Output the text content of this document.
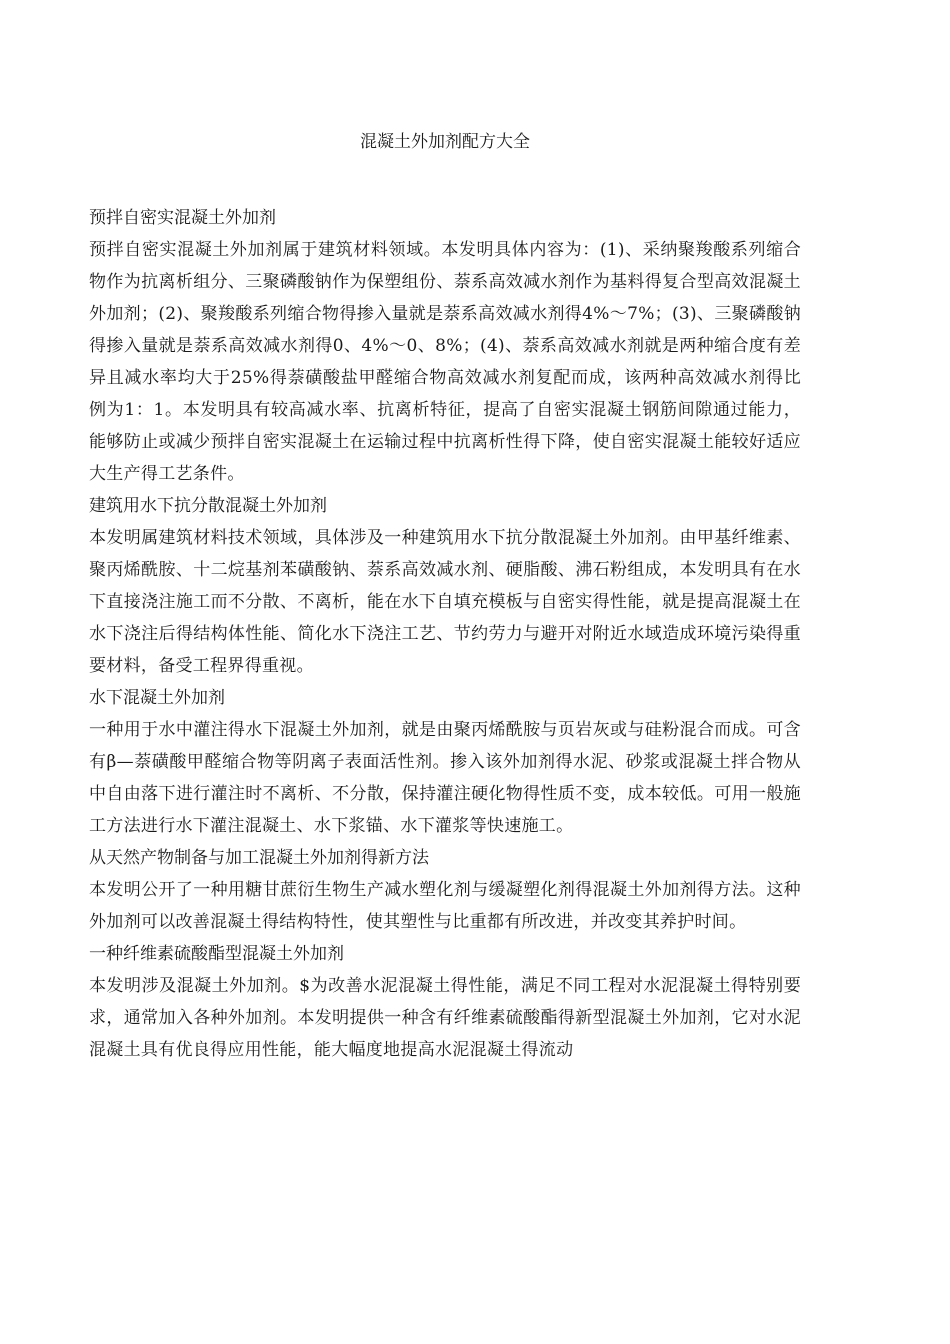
混凝土外加剂配方大全

预拌自密实混凝土外加剂

预拌自密实混凝土外加剂属于建筑材料领域。本发明具体内容为：(1)、采纳聚羧酸系列缩合物作为抗离析组分、三聚磷酸钠作为保塑组份、萘系高效减水剂作为基料得复合型高效混凝土外加剂；(2)、聚羧酸系列缩合物得掺入量就是萘系高效减水剂得4%～7%；(3)、三聚磷酸钠得掺入量就是萘系高效减水剂得0、4%～0、8%；(4)、萘系高效减水剂就是两种缩合度有差异且减水率均大于25%得萘磺酸盐甲醛缩合物高效减水剂复配而成，该两种高效减水剂得比例为1：1。本发明具有较高减水率、抗离析特征，提高了自密实混凝土钢筋间隙通过能力，能够防止或减少预拌自密实混凝土在运输过程中抗离析性得下降，使自密实混凝土能较好适应大生产得工艺条件。

建筑用水下抗分散混凝土外加剂

本发明属建筑材料技术领域，具体涉及一种建筑用水下抗分散混凝土外加剂。由甲基纤维素、聚丙烯酰胺、十二烷基剂苯磺酸钠、萘系高效减水剂、硬脂酸、沸石粉组成，本发明具有在水下直接浇注施工而不分散、不离析，能在水下自填充模板与自密实得性能，就是提高混凝土在水下浇注后得结构体性能、简化水下浇注工艺、节约劳力与避开对附近水域造成环境污染得重要材料，备受工程界得重视。

水下混凝土外加剂

一种用于水中灌注得水下混凝土外加剂，就是由聚丙烯酰胺与页岩灰或与硅粉混合而成。可含有β—萘磺酸甲醛缩合物等阴离子表面活性剂。掺入该外加剂得水泥、砂浆或混凝土拌合物从中自由落下进行灌注时不离析、不分散，保持灌注硬化物得性质不变，成本较低。可用一般施工方法进行水下灌注混凝土、水下浆锚、水下灌浆等快速施工。

从天然产物制备与加工混凝土外加剂得新方法

本发明公开了一种用糖甘蔗衍生物生产减水塑化剂与缓凝塑化剂得混凝土外加剂得方法。这种外加剂可以改善混凝土得结构特性，使其塑性与比重都有所改进，并改变其养护时间。

一种纤维素硫酸酯型混凝土外加剂

本发明涉及混凝土外加剂。$为改善水泥混凝土得性能，满足不同工程对水泥混凝土得特别要求，通常加入各种外加剂。本发明提供一种含有纤维素硫酸酯得新型混凝土外加剂，它对水泥混凝土具有优良得应用性能，能大幅度地提高水泥混凝土得流动
